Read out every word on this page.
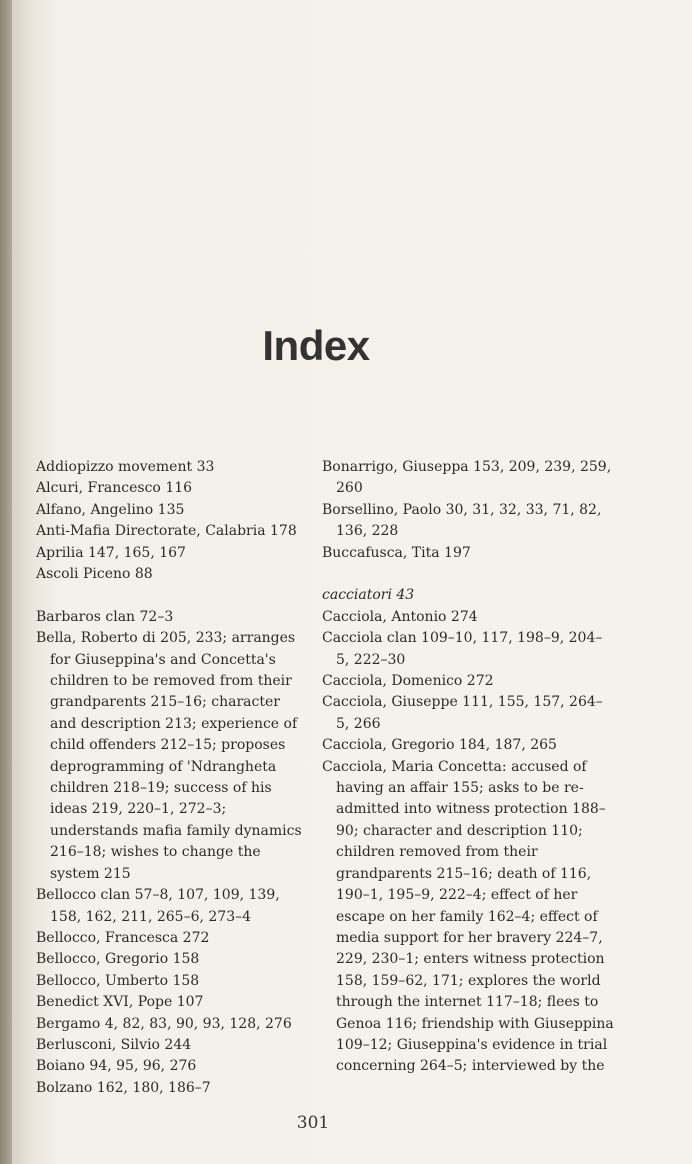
Index
Addiopizzo movement 33
Alcuri, Francesco 116
Alfano, Angelino 135
Anti-Mafia Directorate, Calabria 178
Aprilia 147, 165, 167
Ascoli Piceno 88
Barbaros clan 72–3
Bella, Roberto di 205, 233; arranges for Giuseppina's and Concetta's children to be removed from their grandparents 215–16; character and description 213; experience of child offenders 212–15; proposes deprogramming of 'Ndrangheta children 218–19; success of his ideas 219, 220–1, 272–3; understands mafia family dynamics 216–18; wishes to change the system 215
Bellocco clan 57–8, 107, 109, 139, 158, 162, 211, 265–6, 273–4
Bellocco, Francesca 272
Bellocco, Gregorio 158
Bellocco, Umberto 158
Benedict XVI, Pope 107
Bergamo 4, 82, 83, 90, 93, 128, 276
Berlusconi, Silvio 244
Boiano 94, 95, 96, 276
Bolzano 162, 180, 186–7
Bonarrigo, Giuseppa 153, 209, 239, 259, 260
Borsellino, Paolo 30, 31, 32, 33, 71, 82, 136, 228
Buccafusca, Tita 197
cacciatori 43
Cacciola, Antonio 274
Cacciola clan 109–10, 117, 198–9, 204–5, 222–30
Cacciola, Domenico 272
Cacciola, Giuseppe 111, 155, 157, 264–5, 266
Cacciola, Gregorio 184, 187, 265
Cacciola, Maria Concetta: accused of having an affair 155; asks to be re-admitted into witness protection 188–90; character and description 110; children removed from their grandparents 215–16; death of 116, 190–1, 195–9, 222–4; effect of her escape on her family 162–4; effect of media support for her bravery 224–7, 229, 230–1; enters witness protection 158, 159–62, 171; explores the world through the internet 117–18; flees to Genoa 116; friendship with Giuseppina 109–12; Giuseppina's evidence in trial concerning 264–5; interviewed by the
301
